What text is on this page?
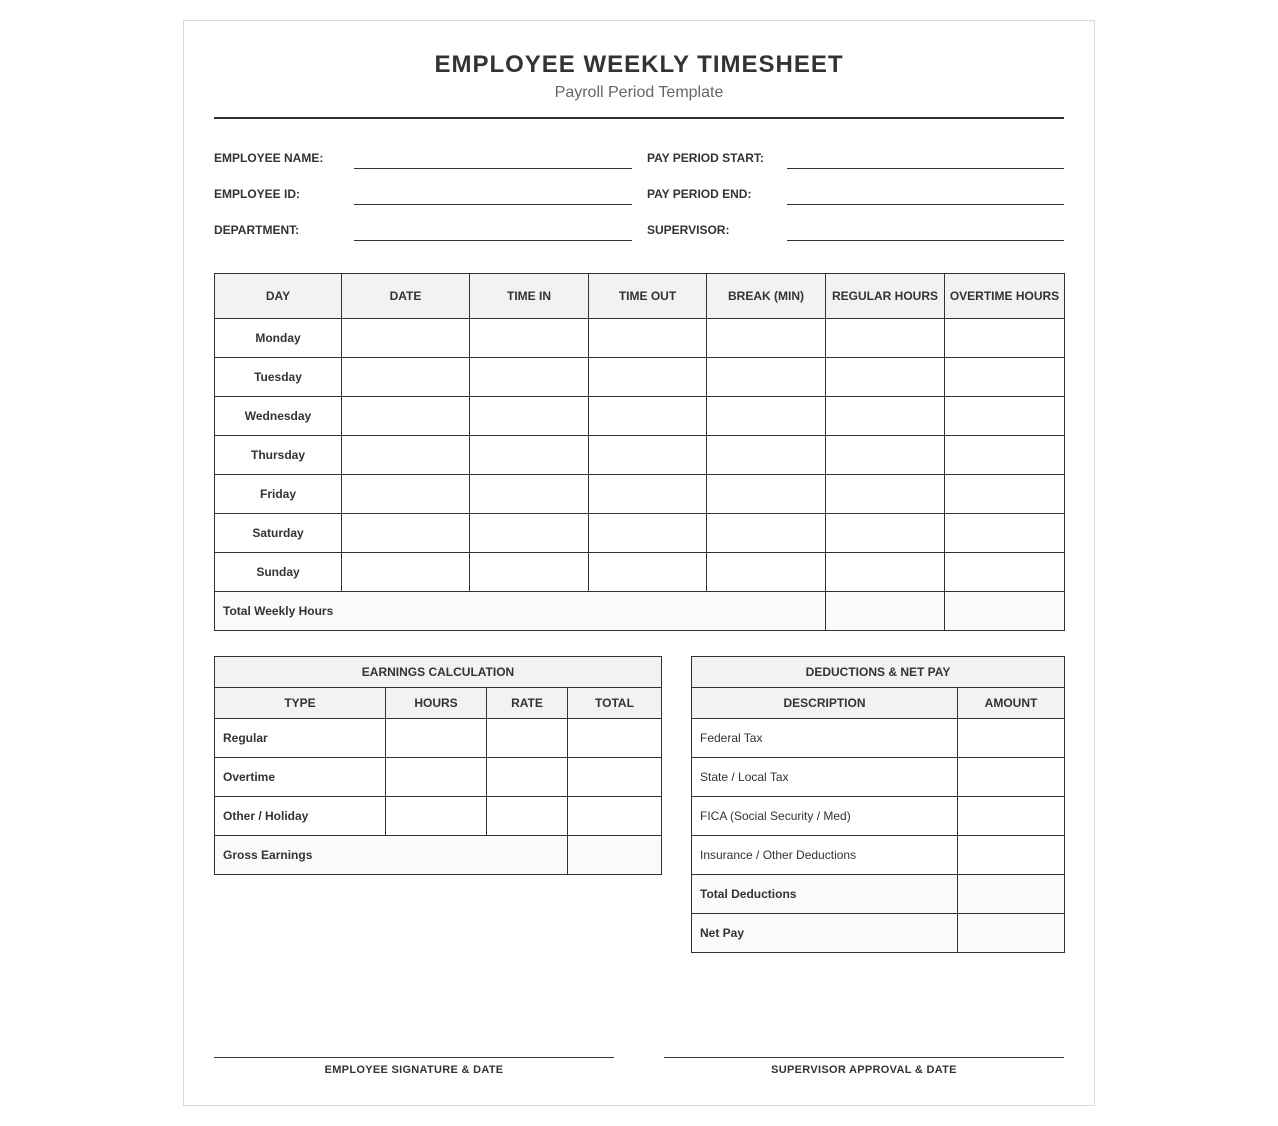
EMPLOYEE WEEKLY TIMESHEET
Payroll Period Template
EMPLOYEE NAME:	PAY PERIOD START:
EMPLOYEE ID:	PAY PERIOD END:
DEPARTMENT:	SUPERVISOR:
DAY	DATE	TIME IN	TIME OUT	BREAK (MIN)	REGULAR HOURS	OVERTIME HOURS
Monday						
Tuesday						
Wednesday						
Thursday						
Friday						
Saturday						
Sunday						
Total Weekly Hours						
EARNINGS CALCULATION			
TYPE	HOURS	RATE	TOTAL
Regular			
Overtime			
Other / Holiday			
Gross Earnings			
DEDUCTIONS & NET PAY	
DESCRIPTION	AMOUNT
Federal Tax	
State / Local Tax	
FICA (Social Security / Med)	
Insurance / Other Deductions	
Total Deductions	
Net Pay	
EMPLOYEE SIGNATURE & DATE	SUPERVISOR APPROVAL & DATE
